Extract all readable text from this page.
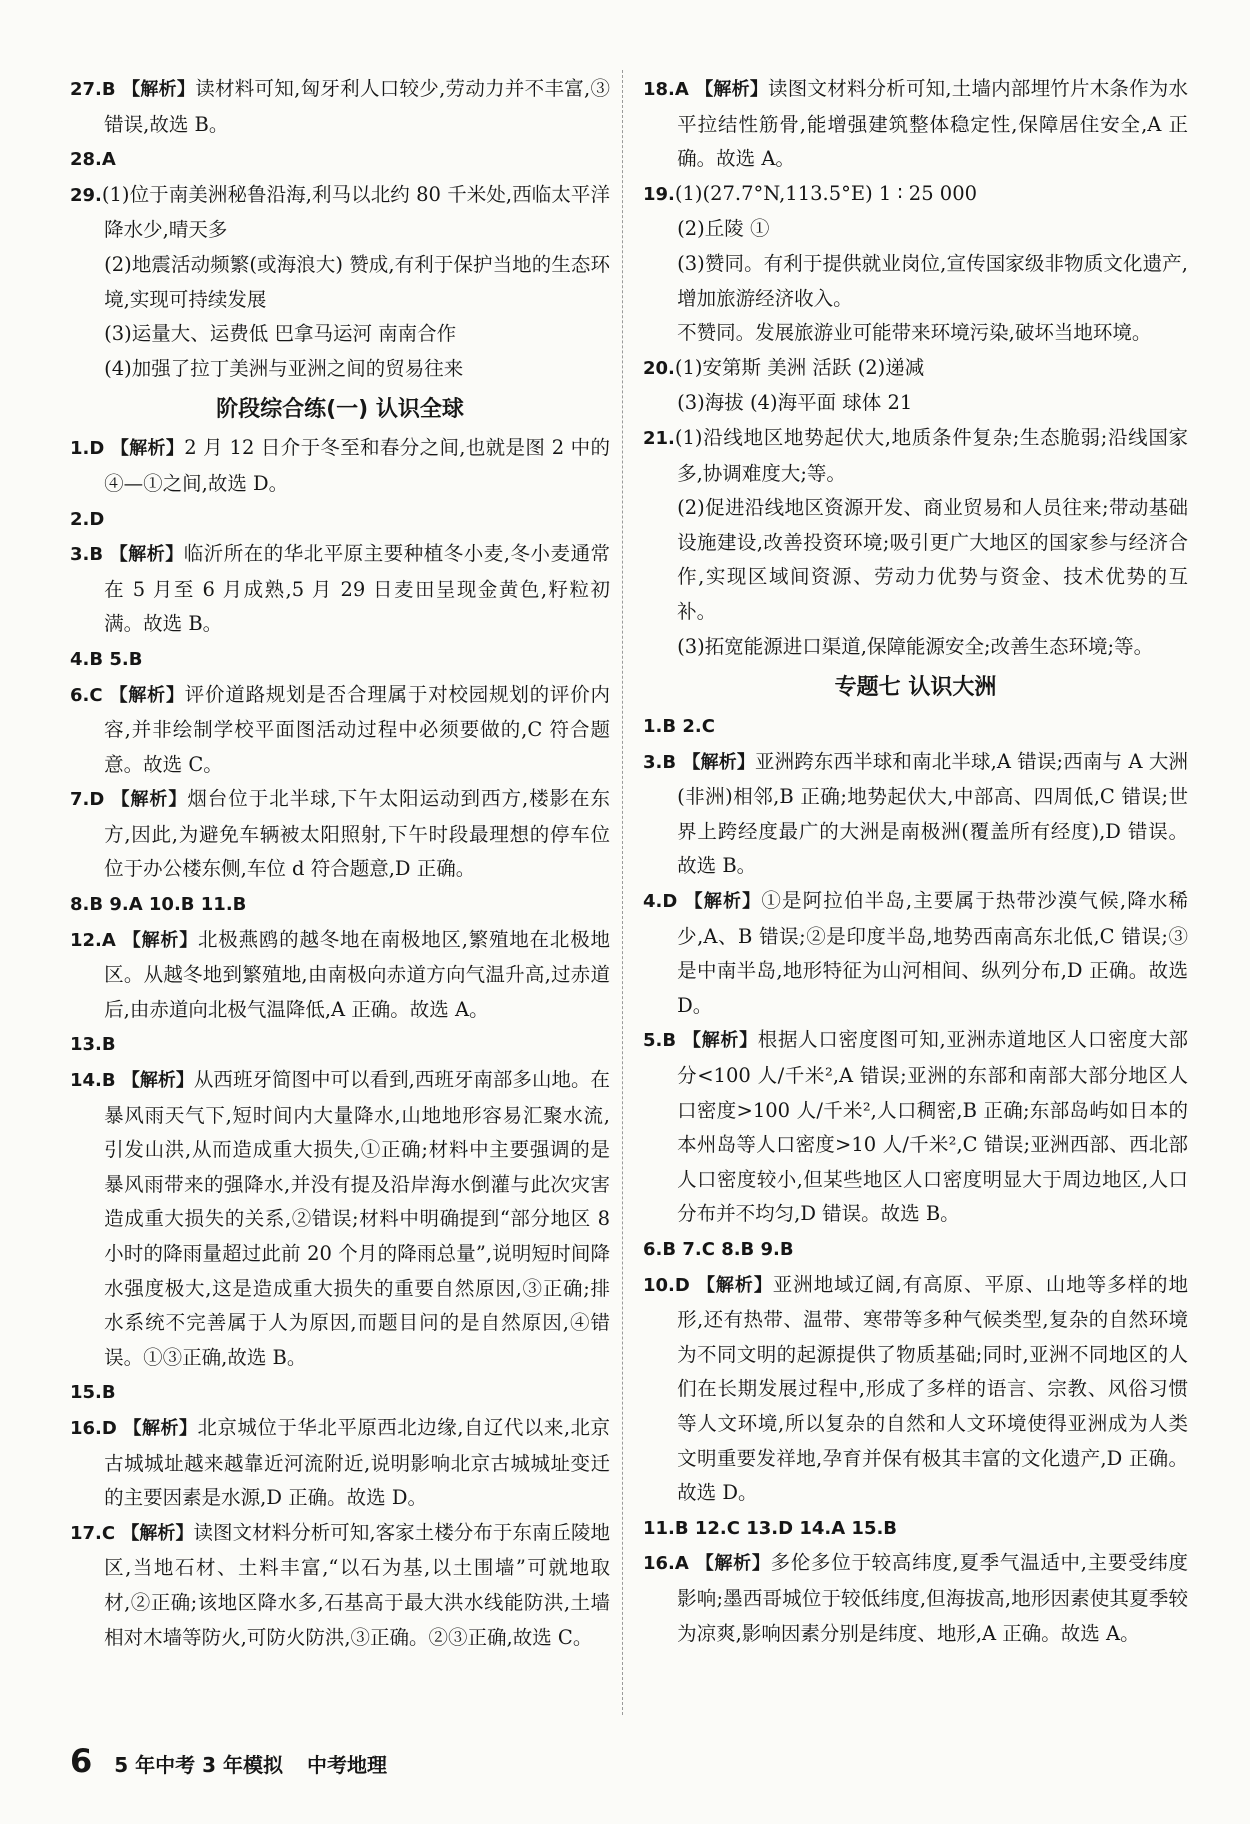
27.B 【解析】读材料可知,匈牙利人口较少,劳动力并不丰富,③错误,故选 B。

28.A

29.(1)位于南美洲秘鲁沿海,利马以北约 80 千米处,西临太平洋 降水少,晴天多

(2)地震活动频繁(或海浪大) 赞成,有利于保护当地的生态环境,实现可持续发展

(3)运量大、运费低 巴拿马运河 南南合作

(4)加强了拉丁美洲与亚洲之间的贸易往来

阶段综合练(一) 认识全球

1.D 【解析】2 月 12 日介于冬至和春分之间,也就是图 2 中的④—①之间,故选 D。

2.D

3.B 【解析】临沂所在的华北平原主要种植冬小麦,冬小麦通常在 5 月至 6 月成熟,5 月 29 日麦田呈现金黄色,籽粒初满。故选 B。

4.B 5.B

6.C 【解析】评价道路规划是否合理属于对校园规划的评价内容,并非绘制学校平面图活动过程中必须要做的,C 符合题意。故选 C。

7.D 【解析】烟台位于北半球,下午太阳运动到西方,楼影在东方,因此,为避免车辆被太阳照射,下午时段最理想的停车位位于办公楼东侧,车位 d 符合题意,D 正确。

8.B 9.A 10.B 11.B

12.A 【解析】北极燕鸥的越冬地在南极地区,繁殖地在北极地区。从越冬地到繁殖地,由南极向赤道方向气温升高,过赤道后,由赤道向北极气温降低,A 正确。故选 A。

13.B

14.B 【解析】从西班牙简图中可以看到,西班牙南部多山地。在暴风雨天气下,短时间内大量降水,山地地形容易汇聚水流,引发山洪,从而造成重大损失,①正确;材料中主要强调的是暴风雨带来的强降水,并没有提及沿岸海水倒灌与此次灾害造成重大损失的关系,②错误;材料中明确提到“部分地区 8 小时的降雨量超过此前 20 个月的降雨总量”,说明短时间降水强度极大,这是造成重大损失的重要自然原因,③正确;排水系统不完善属于人为原因,而题目问的是自然原因,④错误。①③正确,故选 B。

15.B

16.D 【解析】北京城位于华北平原西北边缘,自辽代以来,北京古城城址越来越靠近河流附近,说明影响北京古城城址变迁的主要因素是水源,D 正确。故选 D。

17.C 【解析】读图文材料分析可知,客家土楼分布于东南丘陵地区,当地石材、土料丰富,“以石为基,以土围墙”可就地取材,②正确;该地区降水多,石基高于最大洪水线能防洪,土墙相对木墙等防火,可防火防洪,③正确。②③正确,故选 C。

18.A 【解析】读图文材料分析可知,土墙内部埋竹片木条作为水平拉结性筋骨,能增强建筑整体稳定性,保障居住安全,A 正确。故选 A。

19.(1)(27.7°N,113.5°E) 1 ∶ 25 000

(2)丘陵 ①

(3)赞同。有利于提供就业岗位,宣传国家级非物质文化遗产,增加旅游经济收入。

不赞同。发展旅游业可能带来环境污染,破坏当地环境。

20.(1)安第斯 美洲 活跃 (2)递减

(3)海拔 (4)海平面 球体 21

21.(1)沿线地区地势起伏大,地质条件复杂;生态脆弱;沿线国家多,协调难度大;等。

(2)促进沿线地区资源开发、商业贸易和人员往来;带动基础设施建设,改善投资环境;吸引更广大地区的国家参与经济合作,实现区域间资源、劳动力优势与资金、技术优势的互补。

(3)拓宽能源进口渠道,保障能源安全;改善生态环境;等。

专题七 认识大洲

1.B 2.C

3.B 【解析】亚洲跨东西半球和南北半球,A 错误;西南与 A 大洲(非洲)相邻,B 正确;地势起伏大,中部高、四周低,C 错误;世界上跨经度最广的大洲是南极洲(覆盖所有经度),D 错误。故选 B。

4.D 【解析】①是阿拉伯半岛,主要属于热带沙漠气候,降水稀少,A、B 错误;②是印度半岛,地势西南高东北低,C 错误;③是中南半岛,地形特征为山河相间、纵列分布,D 正确。故选 D。

5.B 【解析】根据人口密度图可知,亚洲赤道地区人口密度大部分<100 人/千米²,A 错误;亚洲的东部和南部大部分地区人口密度>100 人/千米²,人口稠密,B 正确;东部岛屿如日本的本州岛等人口密度>10 人/千米²,C 错误;亚洲西部、西北部人口密度较小,但某些地区人口密度明显大于周边地区,人口分布并不均匀,D 错误。故选 B。

6.B 7.C 8.B 9.B

10.D 【解析】亚洲地域辽阔,有高原、平原、山地等多样的地形,还有热带、温带、寒带等多种气候类型,复杂的自然环境为不同文明的起源提供了物质基础;同时,亚洲不同地区的人们在长期发展过程中,形成了多样的语言、宗教、风俗习惯等人文环境,所以复杂的自然和人文环境使得亚洲成为人类文明重要发祥地,孕育并保有极其丰富的文化遗产,D 正确。故选 D。

11.B 12.C 13.D 14.A 15.B

16.A 【解析】多伦多位于较高纬度,夏季气温适中,主要受纬度影响;墨西哥城位于较低纬度,但海拔高,地形因素使其夏季较为凉爽,影响因素分别是纬度、地形,A 正确。故选 A。

6 5 年中考 3 年模拟 中考地理
